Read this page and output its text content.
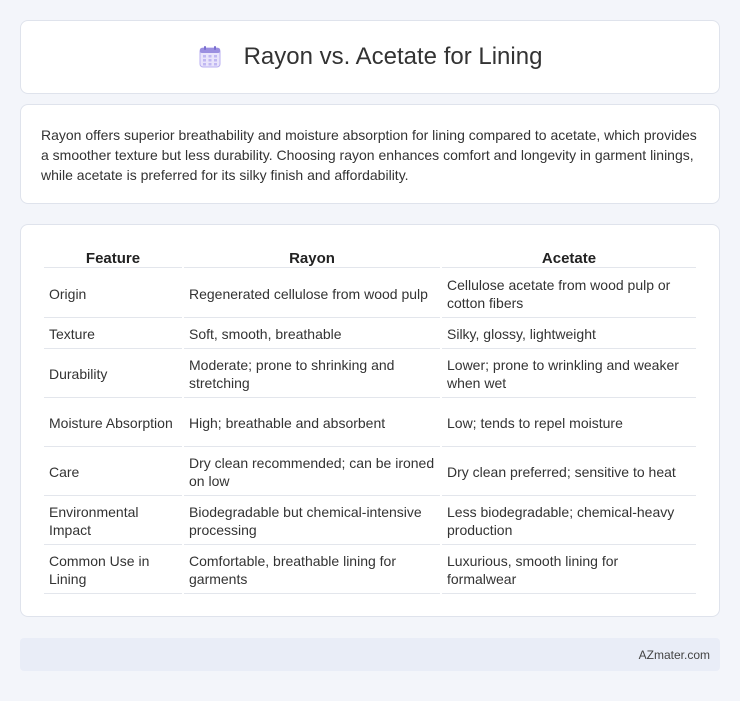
Rayon vs. Acetate for Lining

Rayon offers superior breathability and moisture absorption for lining compared to acetate, which provides a smoother texture but less durability. Choosing rayon enhances comfort and longevity in garment linings, while acetate is preferred for its silky finish and affordability.

Feature	Rayon	Acetate
Origin	Regenerated cellulose from wood pulp	Cellulose acetate from wood pulp or cotton fibers
Texture	Soft, smooth, breathable	Silky, glossy, lightweight
Durability	Moderate; prone to shrinking and stretching	Lower; prone to wrinkling and weaker when wet
Moisture Absorption	High; breathable and absorbent	Low; tends to repel moisture
Care	Dry clean recommended; can be ironed on low	Dry clean preferred; sensitive to heat
Environmental Impact	Biodegradable but chemical-intensive processing	Less biodegradable; chemical-heavy production
Common Use in Lining	Comfortable, breathable lining for garments	Luxurious, smooth lining for formalwear
AZmater.com
